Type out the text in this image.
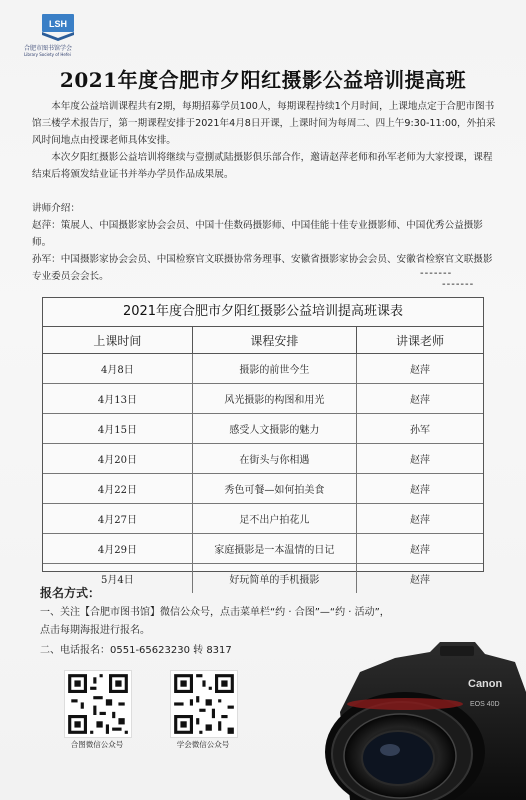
LSH
合肥市图书馆学会
Library Society of Hefei
2021年度合肥市夕阳红摄影公益培训提高班

本年度公益培训课程共有2期，每期招募学员100人，每期课程持续1个月时间，上课地点定于合肥市图书馆三楼学术报告厅，第一期课程安排于2021年4月8日开课，上课时间为每周二、四上午9:30-11:00，外拍采风时间地点由授课老师具体安排。

本次夕阳红摄影公益培训将继续与壹捌贰陆摄影俱乐部合作，邀请赵萍老师和孙军老师为大家授课，课程结束后将颁发结业证书并举办学员作品成果展。

讲师介绍：
赵萍：策展人、中国摄影家协会会员、中国十佳数码摄影师、中国佳能十佳专业摄影师、中国优秀公益摄影师。
孙军：中国摄影家协会会员、中国检察官文联摄协常务理事、安徽省摄影家协会会员、安徽省检察官文联摄影专业委员会会长。	-------
-------
2021年度合肥市夕阳红摄影公益培训提高班课表
上课时间	课程安排	讲课老师
4月8日	摄影的前世今生	赵萍
4月13日	风光摄影的构图和用光	赵萍
4月15日	感受人文摄影的魅力	孙军
4月20日	在街头与你相遇	赵萍
4月22日	秀色可餐—如何拍美食	赵萍
4月27日	足不出户拍花儿	赵萍
4月29日	家庭摄影是一本温情的日记	赵萍
5月4日	好玩简单的手机摄影	赵萍
报名方式：
一、关注【合肥市图书馆】微信公众号，点击菜单栏“约 · 合图”—“约 · 活动”，
点击每期海报进行报名。
二、电话报名：0551-65623230 转 8317
合图微信公众号	学会微信公众号
Canon
EOS 40D
